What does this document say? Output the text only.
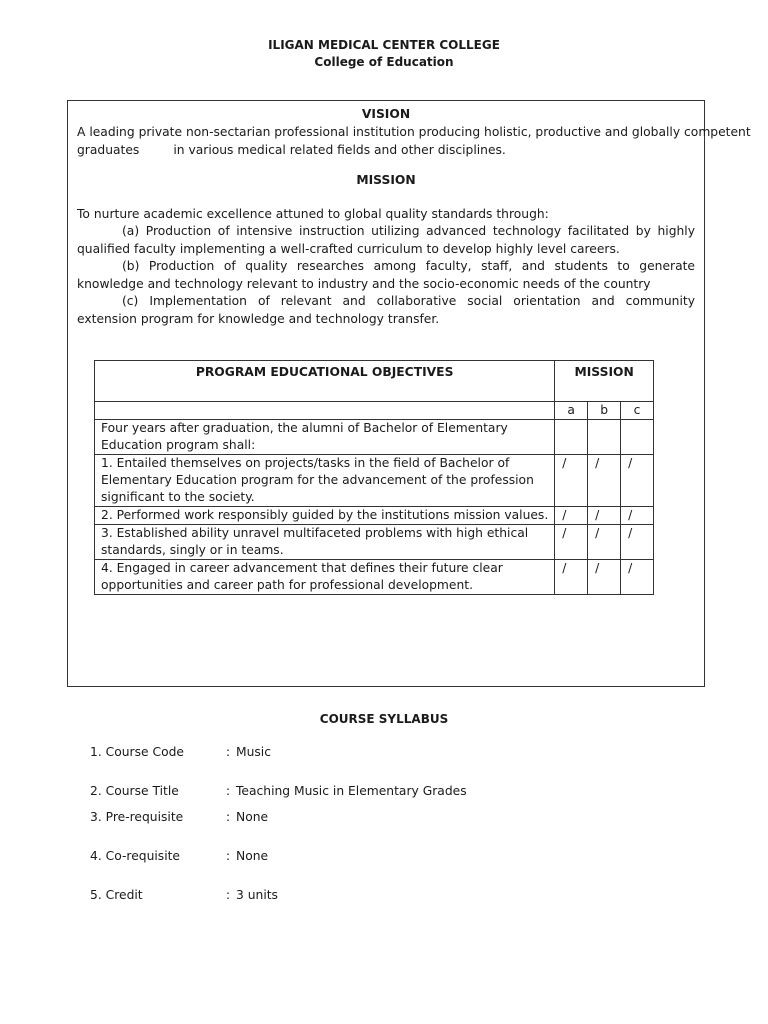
ILIGAN MEDICAL CENTER COLLEGE
College of Education
VISION
A leading private non-sectarian professional institution producing holistic, productive and globally competent
graduates	in various medical related fields and other disciplines.
MISSION
To nurture academic excellence attuned to global quality standards through:
(a) Production of intensive instruction utilizing advanced technology facilitated by highly qualified faculty implementing a well-crafted curriculum to develop highly level careers.
(b) Production of quality researches among faculty, staff, and students to generate knowledge and technology relevant to industry and the socio-economic needs of the country
(c) Implementation of relevant and collaborative social orientation and community extension program for knowledge and technology transfer.
PROGRAM EDUCATIONAL OBJECTIVES	MISSION		
	a	b	c
Four years after graduation, the alumni of Bachelor of Elementary Education program shall:			
1. Entailed themselves on projects/tasks in the field of Bachelor of Elementary Education program for the advancement of the profession significant to the society.	/	/	/
2. Performed work responsibly guided by the institutions mission values.	/	/	/
3. Established ability unravel multifaceted problems with high ethical standards, singly or in teams.	/	/	/
4. Engaged in career advancement that defines their future clear opportunities and career path for professional development.	/	/	/
COURSE SYLLABUS
1. Course Code	: Music
2. Course Title	: Teaching Music in Elementary Grades
3. Pre-requisite	: None
4. Co-requisite	: None
5. Credit	: 3 units
